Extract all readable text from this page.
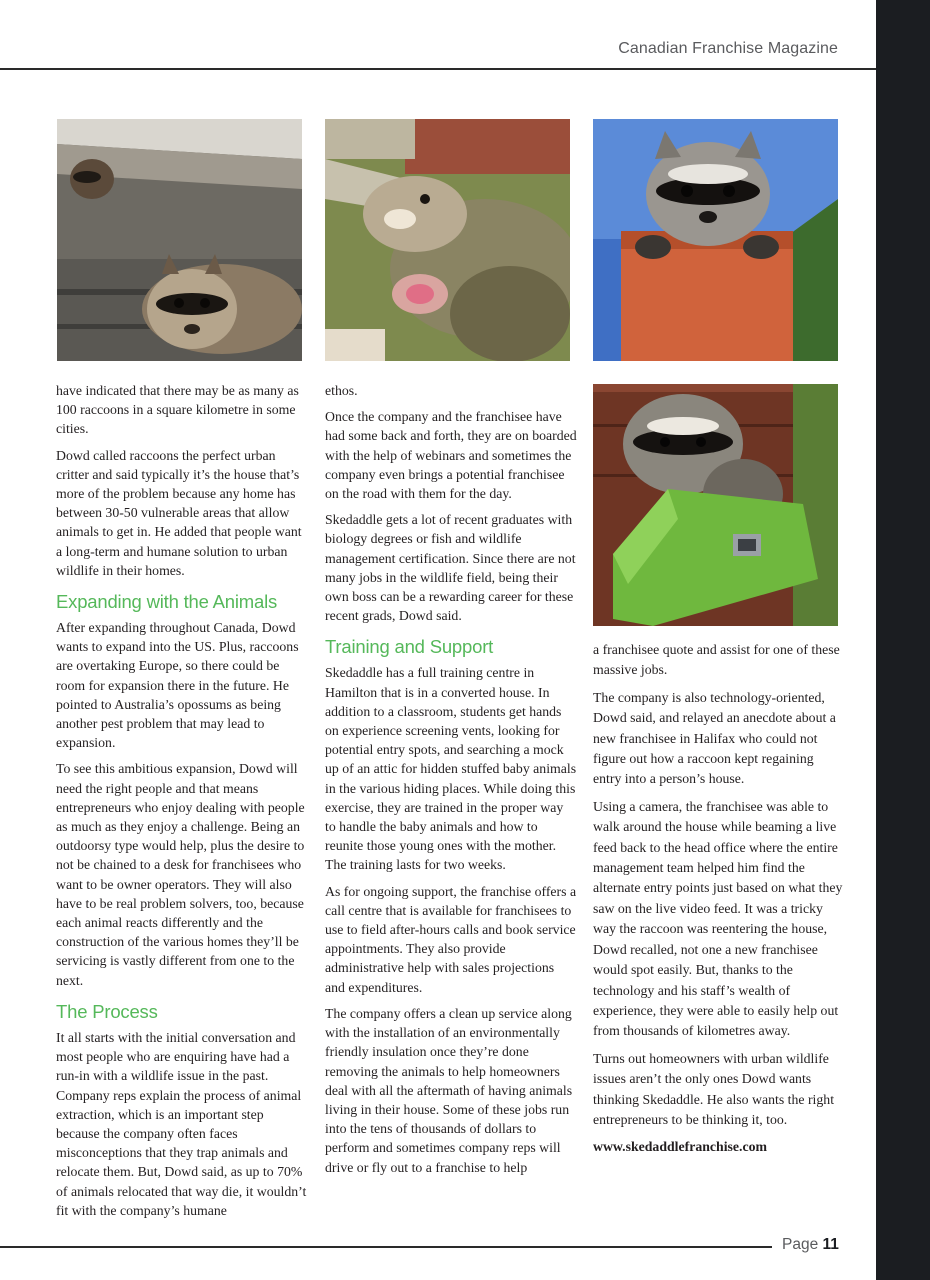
Canadian Franchise Magazine

have indicated that there may be as many as 100 raccoons in a square kilometre in some cities.

Dowd called raccoons the perfect urban critter and said typically it’s the house that’s more of the problem because any home has between 30-50 vulnerable areas that allow animals to get in. He added that people want a long-term and humane solution to urban wildlife in their homes.

Expanding with the Animals

After expanding throughout Canada, Dowd wants to expand into the US. Plus, raccoons are overtaking Europe, so there could be room for expansion there in the future. He pointed to Australia’s opossums as being another pest problem that may lead to expansion.

To see this ambitious expansion, Dowd will need the right people and that means entrepreneurs who enjoy dealing with people as much as they enjoy a challenge. Being an outdoorsy type would help, plus the desire to not be chained to a desk for franchisees who want to be owner operators. They will also have to be real problem solvers, too, because each animal reacts differently and the construction of the various homes they’ll be servicing is vastly different from one to the next.

The Process

It all starts with the initial conversation and most people who are enquiring have had a run-in with a wildlife issue in the past. Company reps explain the process of animal extraction, which is an important step because the company often faces misconceptions that they trap animals and relocate them. But, Dowd said, as up to 70% of animals relocated that way die, it wouldn’t fit with the company’s humane

ethos.

Once the company and the franchisee have had some back and forth, they are on boarded with the help of webinars and sometimes the company even brings a potential franchisee on the road with them for the day.

Skedaddle gets a lot of recent graduates with biology degrees or fish and wildlife management certification. Since there are not many jobs in the wildlife field, being their own boss can be a rewarding career for these recent grads, Dowd said.

Training and Support

Skedaddle has a full training centre in Hamilton that is in a converted house. In addition to a classroom, students get hands on experience screening vents, looking for potential entry spots, and searching a mock up of an attic for hidden stuffed baby animals in the various hiding places. While doing this exercise, they are trained in the proper way to handle the baby animals and how to reunite those young ones with the mother. The training lasts for two weeks.

As for ongoing support, the franchise offers a call centre that is available for franchisees to use to field after-hours calls and book service appointments. They also provide administrative help with sales projections and expenditures.

The company offers a clean up service along with the installation of an environmentally friendly insulation once they’re done removing the animals to help homeowners deal with all the aftermath of having animals living in their house. Some of these jobs run into the tens of thousands of dollars to perform and sometimes company reps will drive or fly out to a franchise to help

a franchisee quote and assist for one of these massive jobs.

The company is also technology-oriented, Dowd said, and relayed an anecdote about a new franchisee in Halifax who could not figure out how a raccoon kept regaining entry into a person’s house.

Using a camera, the franchisee was able to walk around the house while beaming a live feed back to the head office where the entire management team helped him find the alternate entry points just based on what they saw on the live video feed. It was a tricky way the raccoon was reentering the house, Dowd recalled, not one a new franchisee would spot easily. But, thanks to the technology and his staff’s wealth of experience, they were able to easily help out from thousands of kilometres away.

Turns out homeowners with urban wildlife issues aren’t the only ones Dowd wants thinking Skedaddle. He also wants the right entrepreneurs to be thinking it, too.

www.skedaddlefranchise.com

Page 11
